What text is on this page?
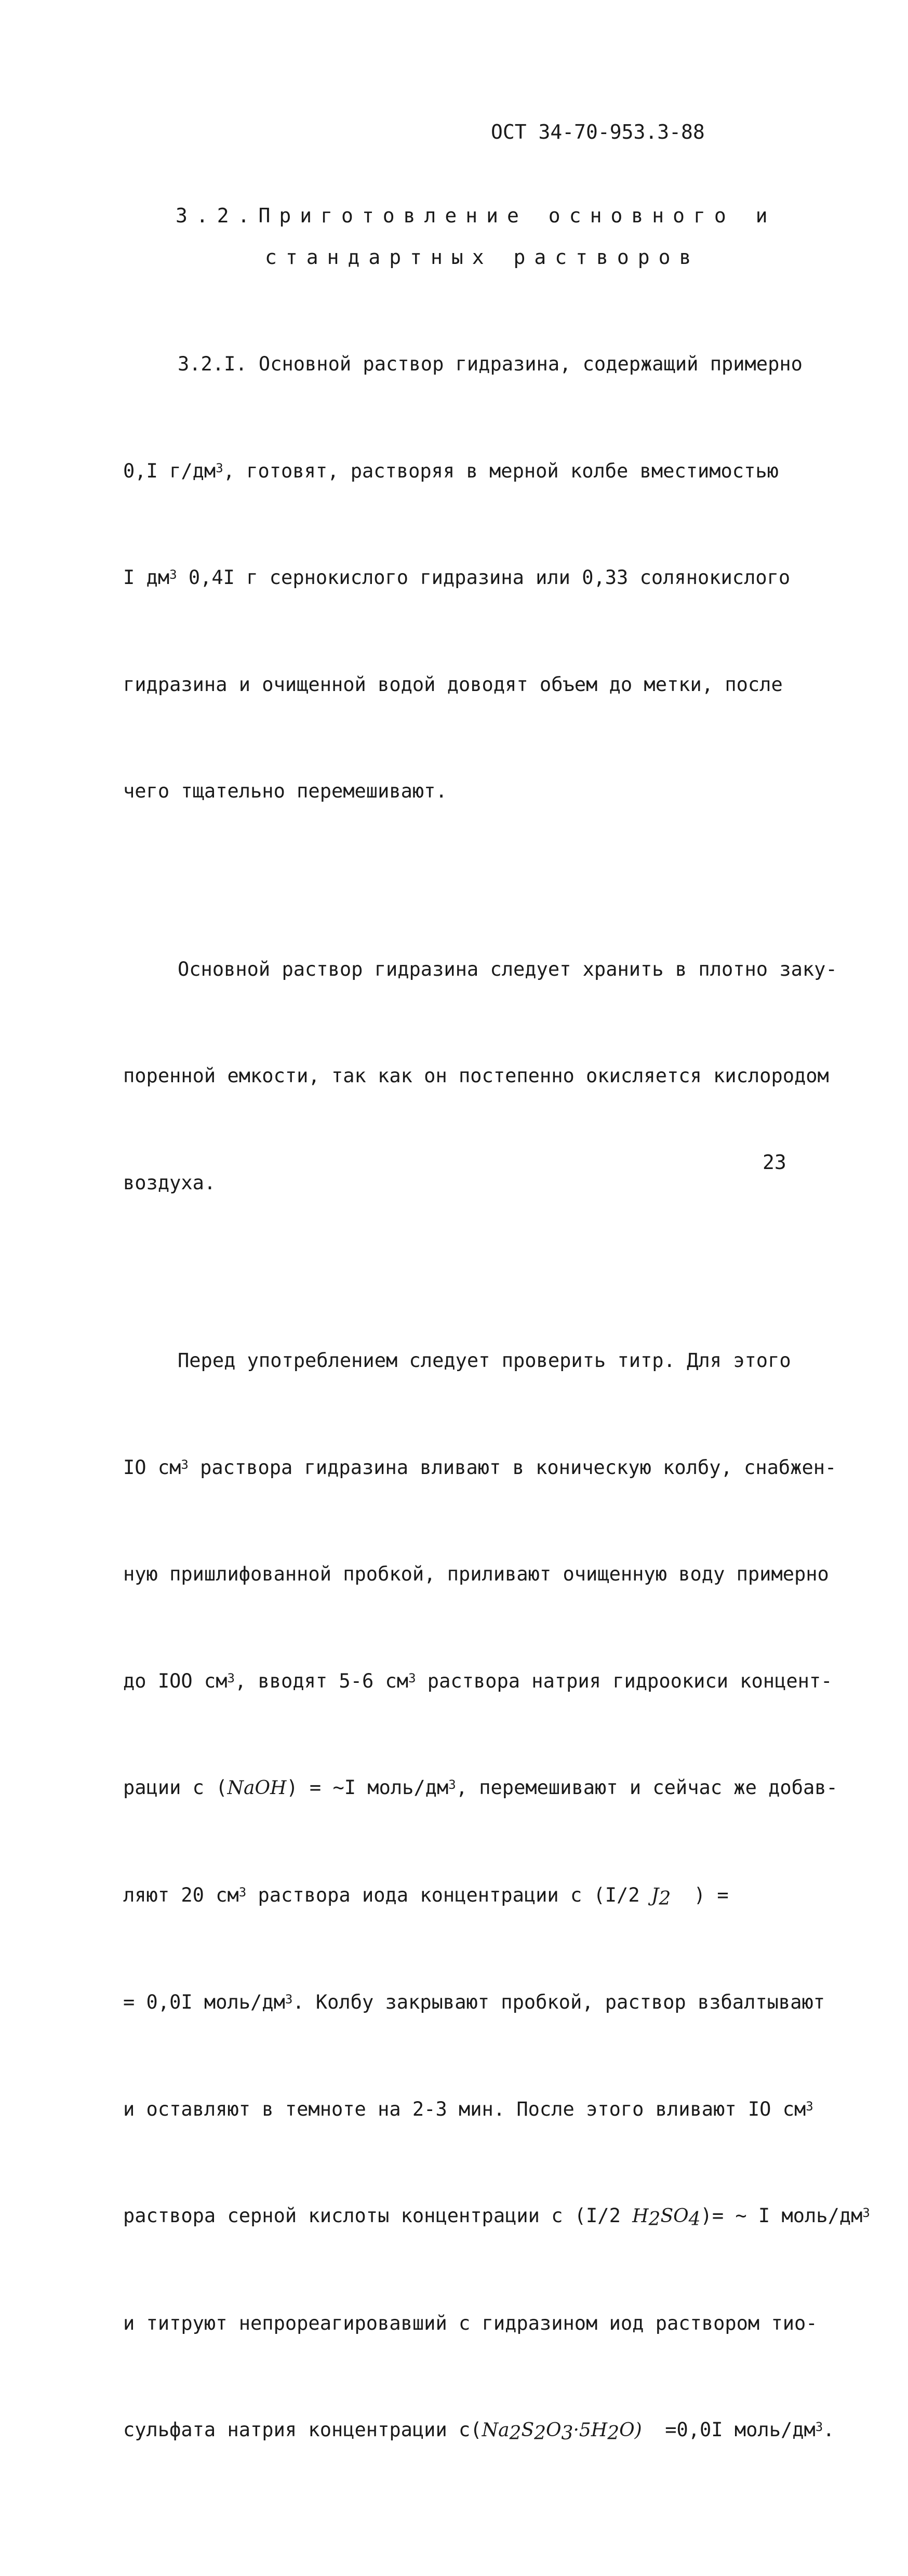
ОСТ 34-70-953.3-88
3.2.Приготовление основного и
стандартных растворов

3.2.I. Основной раствор гидразина, содержащий примерно

0,I $г/дм^3$, готовят, растворяя в мерной колбе вместимостью

I $дм^3$ 0,4I г сернокислого гидразина или 0,33 солянокислого

гидразина и очищенной водой доводят объем до метки, после

чего тщательно перемешивают.

Основной раствор гидразина следует хранить в плотно заку-

поренной емкости, так как он постепенно окисляется кислородом

воздуха.

Перед употреблением следует проверить титр. Для этого

IO $см^3$ раствора гидразина вливают в коническую колбу, снабжен-

ную пришлифованной пробкой, приливают очищенную воду примерно

до IOO $см^3$, вводят 5-6 $см^3$ раствора натрия гидроокиси концент-

рации с (NaOH) = ~I моль/$дм^3$, перемешивают и сейчас же добав-

ляют 20 $см^3$ раствора иода концентрации с (I/2 $J_2$  ) =

= 0,0I моль/$дм^3$. Колбу закрывают пробкой, раствор взбалтывают

и оставляют в темноте на 2-3 мин. После этого вливают IO $см^3$

раствора серной кислоты концентрации с (I/2 $H_2SO_4)=$ ~ I моль/$дм^3$

и титруют непрореагировавший с гидразином иод раствором тио-

сульфата натрия концентрации $с(Na_2S_2O_3\cdot 5H_2O) =0,0I$ моль/$дм^3$.

23
